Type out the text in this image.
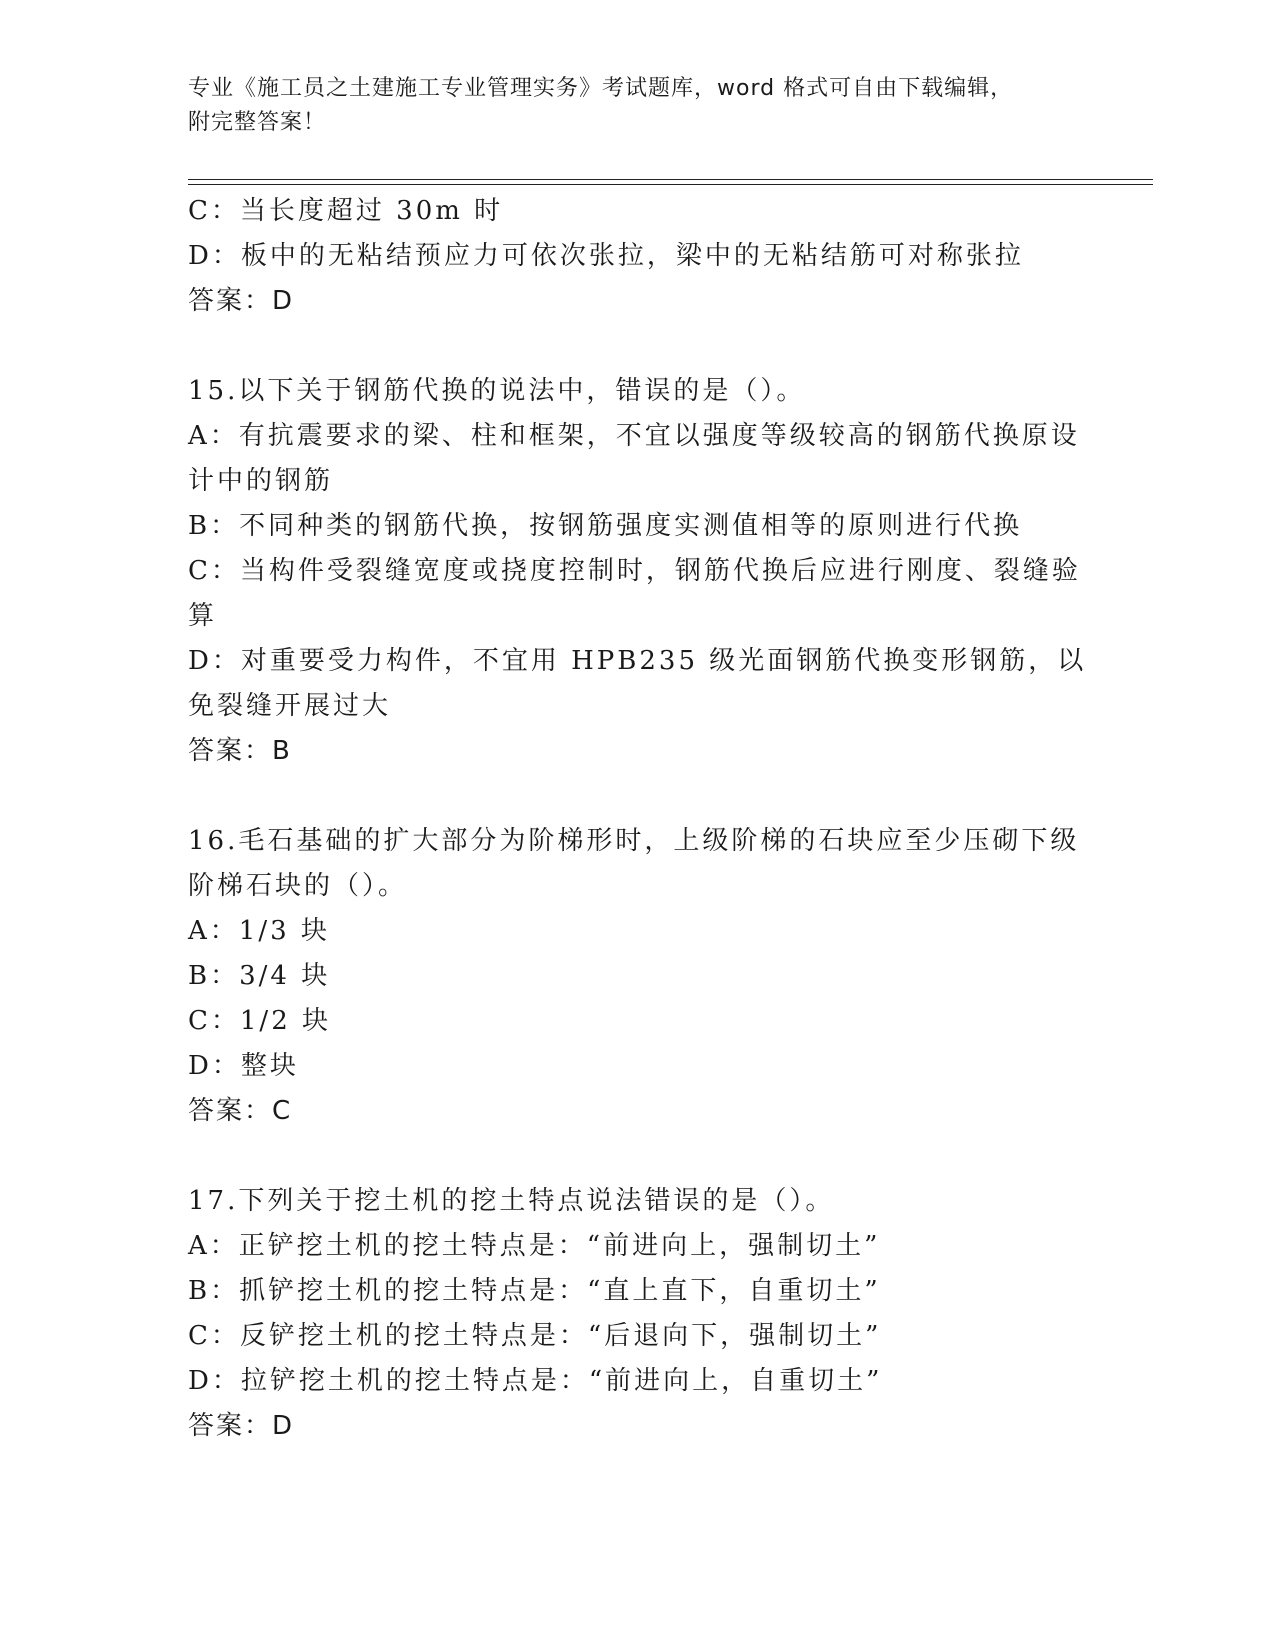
专业《施工员之土建施工专业管理实务》考试题库，word 格式可自由下载编辑，
附完整答案！
C：当长度超过 30m 时
D：板中的无粘结预应力可依次张拉，梁中的无粘结筋可对称张拉
答案：D
15.以下关于钢筋代换的说法中，错误的是（）。
A：有抗震要求的梁、柱和框架，不宜以强度等级较高的钢筋代换原设计中的钢筋
B：不同种类的钢筋代换，按钢筋强度实测值相等的原则进行代换
C：当构件受裂缝宽度或挠度控制时，钢筋代换后应进行刚度、裂缝验算
D：对重要受力构件，不宜用 HPB235 级光面钢筋代换变形钢筋，以免裂缝开展过大
答案：B
16.毛石基础的扩大部分为阶梯形时，上级阶梯的石块应至少压砌下级阶梯石块的（）。
A：1/3 块
B：3/4 块
C：1/2 块
D：整块
答案：C
17.下列关于挖土机的挖土特点说法错误的是（）。
A：正铲挖土机的挖土特点是：“前进向上，强制切土”
B：抓铲挖土机的挖土特点是：“直上直下，自重切土”
C：反铲挖土机的挖土特点是：“后退向下，强制切土”
D：拉铲挖土机的挖土特点是：“前进向上，自重切土”
答案：D
